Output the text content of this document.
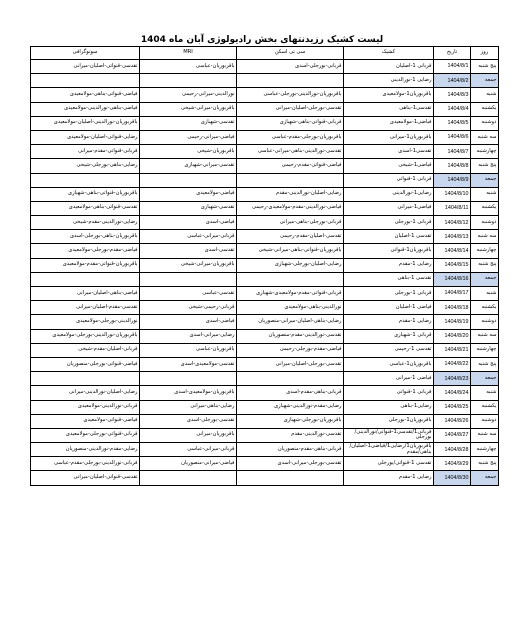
لیست کشیک رزیدنتهای بخش رادیولوژی آبان ماه 1404
روز	تاریخ	کشیک	سی تی اسکن	MRI	سونوگرافی
پنج شنبه	1404/8/1	قربانی 1-اصلیان	قربانی-بورجلی-اسدی	باقربوریان-عباسی	تقدسی-قنواتی-اصلیان-میرانی
جمعه	1404/8/2	رضایی 1-نورالدینی			
شنبه	1404/8/3	باقربوریان1-مولامعیدی	باقربوریان-نورالدینی-بورجلی-عباسی	نورالدینی-میرانی-رحیمی	فیاضی-قنواتی-بناهی-مولامعیدی
یکشنبه	1404/8/4	تقدسی1-بناهی	تقدسی-بورجلی-اصلیان-میرانی	باقربوریان-میرانی-شیخی	فیاضی-بناهی-نورالدینی-مولامعیدی
دوشنبه	1404/8/5	فیاضی1-مولامعیدی	قربانی-قنواتی-بناهی-شهبازی	تقدسی-شهبازی	باقربوریان-نورالدینی-اصلیان-مولامعیدی
سه شنبه	1404/8/6	باقربوریان1-میرانی	باقربوریان-بورجلی-مقدم-عباسی	فیاضی-میرانی-رحیمی	رضایی-قنواتی-اصلیان-مولامعیدی
چهارشنبه	1404/8/7	تقدسی1-اسدی	تقدسی-نورالدینی-بناهی-میرانی-عباسی	باقربوریان-شیخی	قربانی-قنواتی-مقدم-میرانی
پنج شنبه	1404/8/8	فیاضی1-شیخی	فیاضی-قنواتی-مقدم-رحیمی	تقدسی-میرانی-شهبازی	رضایی-بناهی-بورجلی-شیخی
جمعه	1404/8/9	قربانی 1-قنواتی			
شنبه	1404/8/10	رضایی1-نورالدینی	رضایی-اصلیان-نورالدینی-مقدم	فیاضی-مولامعیدی	باقربوریان-قنواتی-بناهی-شهبازی
یکشنبه	1404/8/11	فیاضی1-میرانی	فیاضی-نورالدینی-مقدم-مولامعیدی-رحیمی	تقدسی-شهبازی	تقدسی-قنواتی-بناهی-مولامعیدی
دوشنبه	1404/8/12	قربانی 1-بورجلی	قربانی-بورجلی-بناهی-میرانی	فیاضی-اسدی	رضایی-نورالدینی-مقدم-شیخی
سه شنبه	1404/8/13	تقدسی 1-اصلیان	تقدسی-اصلیان-مقدم-رحیمی	قربانی-میرانی-عباسی	باقربوریان-بناهی-بورجلی-اسدی
چهارشنبه	1404/8/14	باقربوریان1-قنواتی	باقربوریان-قنواتی-بناهی-میرانی-شیخی	تقدسی-اسدی	فیاضی-مقدم-بورجلی-مولامعیدی
پنج شنبه	1404/8/15	رضایی 1-مقدم	رضایی-اصلیان-بورجلی-شهبازی	باقربوریان-میرانی-شیخی	باقربوریان-قنواتی-مقدم-مولامعیدی
جمعه	1404/8/16	تقدسی 1-بناهی			
شنبه	1404/8/17	قربانی 1-بورجلی	قربانی-قنواتی-مقدم-مولامعیدی-شهبازی	تقدسی-عباسی	فیاضی-بناهی-اصلیان-میرانی
یکشنبه	1404/8/18	فیاضی 1-اصلیان	نورالدینی-بناهی-مولامعیدی	قربانی-رحیمی-شیخی	تقدسی-مقدم-اصلیان-میرانی
دوشنبه	1404/8/19	رضایی 1-مقدم	رضایی-بناهی-اصلیان-میرانی-منصوریان	فیاضی-اسدی	نورالدینی-بورجلی-مولامعیدی
سه شنبه	1404/8/20	قربانی 1-شهبازی	تقدسی-نورالدینی-مقدم-منصوریان	رضایی-میرانی-اسدی	باقربوریان-نورالدینی-بورجلی-مولامعیدی
چهارشنبه	1404/8/21	تقدسی 1-رحیمی	فیاضی-مقدم-بورجلی-رحیمی	باقربوریان-عباسی	قربانی-اصلیان-مقدم-شیخی
پنج شنبه	1404/8/22	باقربوریان1-عباسی	تقدسی-بورجلی-اصلیان-میرانی	تقدسی-مولامعیدی-اسدی	فیاضی-قنواتی-بورجلی-منصوریان
جمعه	1404/8/23	فیاضی 1-میرانی			
شنبه	1404/8/24	قربانی 1-قنواتی	قربانی-بناهی-مقدم-اسدی	باقربوریان-مولامعیدی-اسدی	رضایی-اصلیان-نورالدینی-میرانی
یکشنبه	1404/8/25	رضایی1-بناهی	رضایی-مقدم-نورالدینی-شهبازی	رضایی-بناهی-میرانی	قربانی-نورالدینی-مولامعیدی
دوشنبه	1404/8/26	باقربوریان1-بورجلی	باقربوریان-بورجلی-شهبازی	تقدسی-بورجلی-اسدی	فیاضی-قنواتی-مولامعیدی
سه شنبه	1404/8/27	قربانی1/تقدسی1-قنواتی/نورالدینی/بورجلی	تقدسی-نورالدینی-مقدم	باقربوریان-میرانی	قربانی-قنواتی-بورجلی-مولامعیدی
چهارشنبه	1404/8/28	باقربوریان1/رضایی1/فیاضی1-اصلیان/بناهی/مقدم	قربانی-بناهی-مقدم-منصوریان	قربانی-میرانی-عباسی	رضایی-مقدم-نورالدینی-منصوریان
پنج شنبه	1404/9/29	تقدسی 1-قنواتی/بورجلی	تقدسی-بورجلی-میرانی-اسدی	فیاضی-میرانی-منصوریان	قربانی-نورالدینی-بورجلی-مقدم-عباسی
جمعه	1404/8/30	رضایی 1-مقدم			تقدسی-قنواتی-اصلیان-میرانی
